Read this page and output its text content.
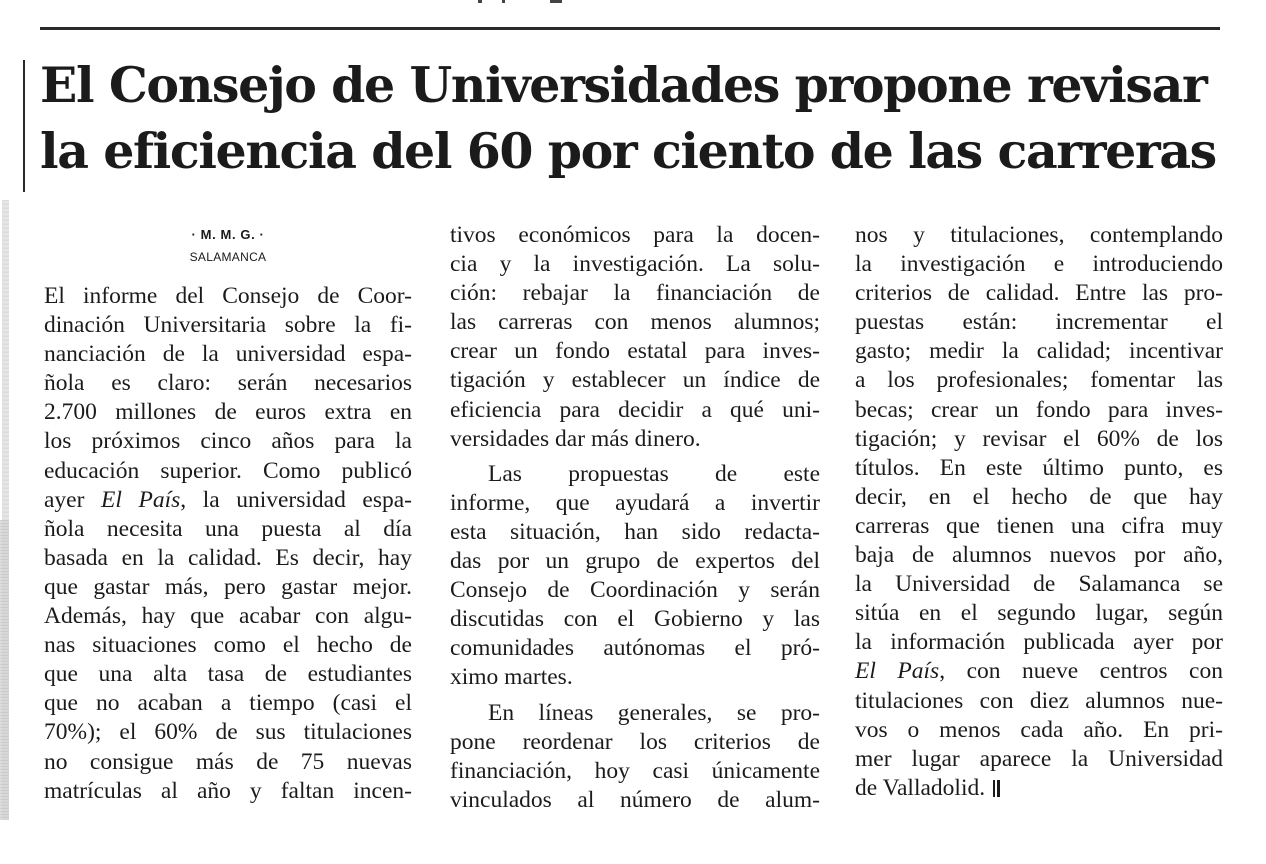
El Consejo de Universidades propone revisar
la eficiencia del 60 por ciento de las carreras
· M. M. G. ·
SALAMANCA
El informe del Consejo de Coor-
dinación Universitaria sobre la fi-
nanciación de la universidad espa-
ñola es claro: serán necesarios
2.700 millones de euros extra en
los próximos cinco años para la
educación superior. Como publicó
ayer El País, la universidad espa-
ñola necesita una puesta al día
basada en la calidad. Es decir, hay
que gastar más, pero gastar mejor.
Además, hay que acabar con algu-
nas situaciones como el hecho de
que una alta tasa de estudiantes
que no acaban a tiempo (casi el
70%); el 60% de sus titulaciones
no consigue más de 75 nuevas
matrículas al año y faltan incen-
tivos económicos para la docen-
cia y la investigación. La solu-
ción: rebajar la financiación de
las carreras con menos alumnos;
crear un fondo estatal para inves-
tigación y establecer un índice de
eficiencia para decidir a qué uni-
versidades dar más dinero.
Las propuestas de este
informe, que ayudará a invertir
esta situación, han sido redacta-
das por un grupo de expertos del
Consejo de Coordinación y serán
discutidas con el Gobierno y las
comunidades autónomas el pró-
ximo martes.
En líneas generales, se pro-
pone reordenar los criterios de
financiación, hoy casi únicamente
vinculados al número de alum-
nos y titulaciones, contemplando
la investigación e introduciendo
criterios de calidad. Entre las pro-
puestas están: incrementar el
gasto; medir la calidad; incentivar
a los profesionales; fomentar las
becas; crear un fondo para inves-
tigación; y revisar el 60% de los
títulos. En este último punto, es
decir, en el hecho de que hay
carreras que tienen una cifra muy
baja de alumnos nuevos por año,
la Universidad de Salamanca se
sitúa en el segundo lugar, según
la información publicada ayer por
El País, con nueve centros con
titulaciones con diez alumnos nue-
vos o menos cada año. En pri-
mer lugar aparece la Universidad
de Valladolid.
